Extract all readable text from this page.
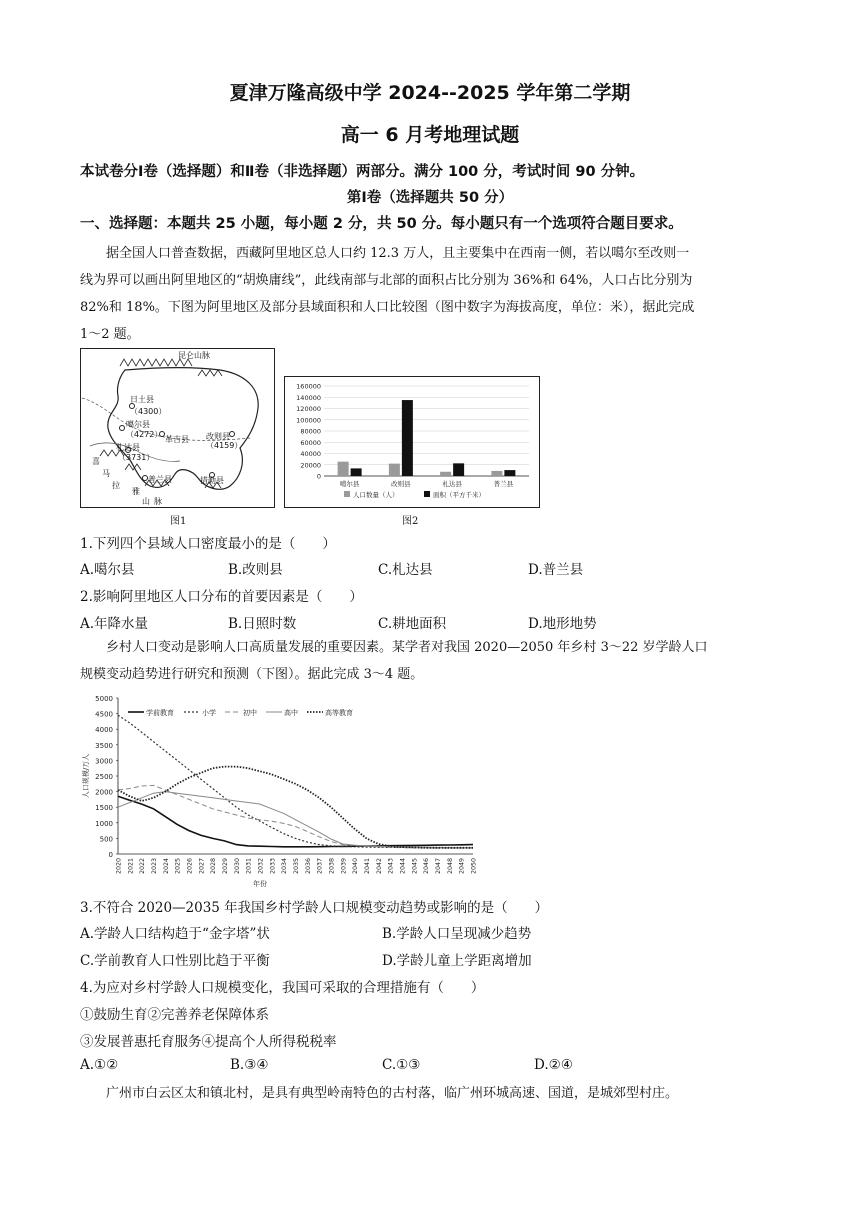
夏津万隆高级中学 2024--2025 学年第二学期
高一 6 月考地理试题
本试卷分Ⅰ卷（选择题）和Ⅱ卷（非选择题）两部分。满分 100 分，考试时间 90 分钟。
第Ⅰ卷（选择题共 50 分）
一、选择题：本题共 25 小题，每小题 2 分，共 50 分。每小题只有一个选项符合题目要求。
据全国人口普查数据，西藏阿里地区总人口约 12.3 万人，且主要集中在西南一侧，若以噶尔至改则一
线为界可以画出阿里地区的“胡焕庸线”，此线南部与北部的面积占比分别为 36%和 64%，人口占比分别为
82%和 18%。下图为阿里地区及部分县域面积和人口比较图（图中数字为海拔高度，单位：米），据此完成
1～2 题。
昆仑山脉
日土县
（4300）
噶尔县
（4272）
革吉县 改则县
（4159）
札达县
（3731）
普兰县	措勤县
喜
马
拉
雅
山 脉
图1
160000
140000
120000
100000
80000
60000
40000
20000
0
噶尔县	改则县	札达县	普兰县
人口数量（人）	面积（平方千米）
图2
1.下列四个县域人口密度最小的是（　　）
A.噶尔县	B.改则县	C.札达县	D.普兰县
2.影响阿里地区人口分布的首要因素是（　　）
A.年降水量	B.日照时数	C.耕地面积	D.地形地势
乡村人口变动是影响人口高质量发展的重要因素。某学者对我国 2020—2050 年乡村 3～22 岁学龄人口
规模变动趋势进行研究和预测（下图）。据此完成 3～4 题。
5000
4500
4000
3500
3000
2500
2000
1500
1000
500
0
2020 2021 2022 2023 2024 2025 2026 2027 2028 2029 2030 2031 2032 2033 2034 2035 2036 2037 2038 2039 2040 2041 2042 2043 2044 2045 2046 2047 2048 2049 2050
人口规模/万人
年份
学前教育	小学	初中	高中	高等教育
3.不符合 2020—2035 年我国乡村学龄人口规模变动趋势或影响的是（　　）
A.学龄人口结构趋于“金字塔”状	B.学龄人口呈现减少趋势
C.学前教育人口性别比趋于平衡	D.学龄儿童上学距离增加
4.为应对乡村学龄人口规模变化，我国可采取的合理措施有（　　）
①鼓励生育②完善养老保障体系
③发展普惠托育服务④提高个人所得税税率
A.①②	B.③④	C.①③	D.②④
广州市白云区太和镇北村，是具有典型岭南特色的古村落，临广州环城高速、国道，是城郊型村庄。
